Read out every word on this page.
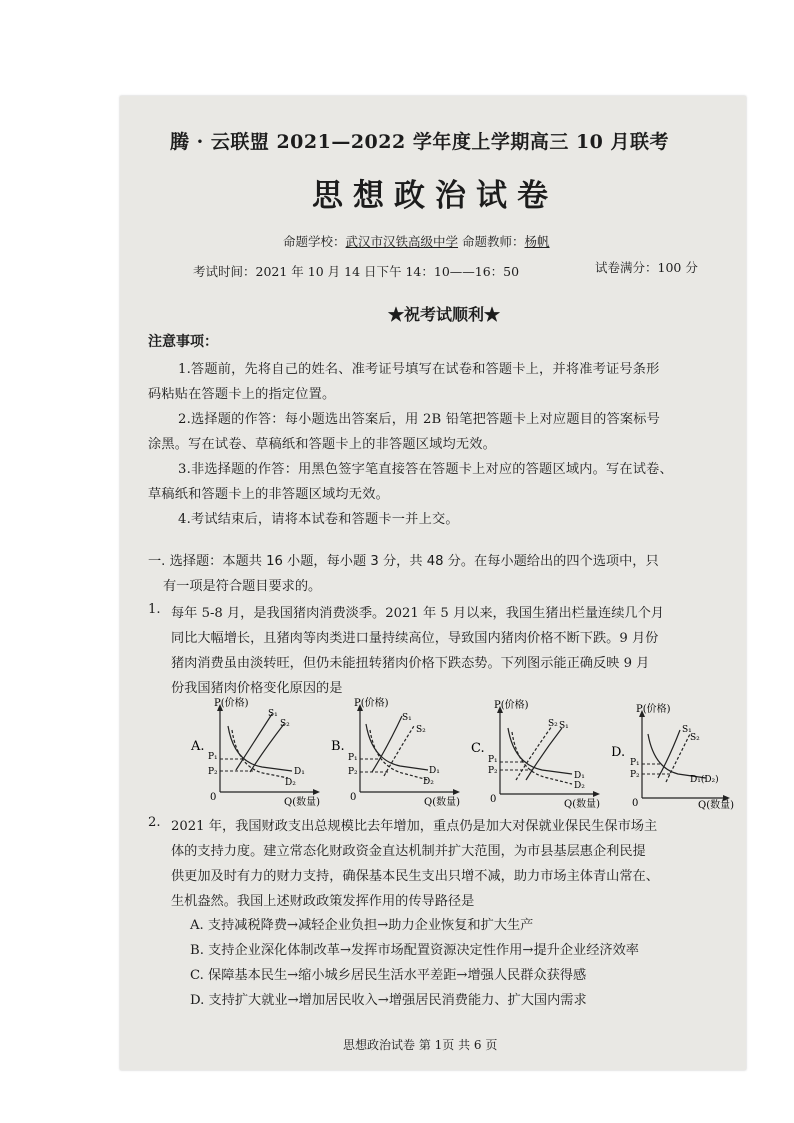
腾 · 云联盟 2021—2022 学年度上学期高三 10 月联考
思想政治试卷
命题学校：武汉市汉铁高级中学 命题教师：杨帆
考试时间：2021 年 10 月 14 日下午 14：10——16：50	试卷满分：100 分
★祝考试顺利★
注意事项：
1.答题前，先将自己的姓名、准考证号填写在试卷和答题卡上，并将准考证号条形
码粘贴在答题卡上的指定位置。
2.选择题的作答：每小题选出答案后，用 2B 铅笔把答题卡上对应题目的答案标号
涂黑。写在试卷、草稿纸和答题卡上的非答题区域均无效。
3.非选择题的作答：用黑色签字笔直接答在答题卡上对应的答题区域内。写在试卷、
草稿纸和答题卡上的非答题区域均无效。
4.考试结束后，请将本试卷和答题卡一并上交。
一. 选择题：本题共 16 小题，每小题 3 分，共 48 分。在每小题给出的四个选项中，只
有一项是符合题目要求的。
1. 每年 5-8 月，是我国猪肉消费淡季。2021 年 5 月以来，我国生猪出栏量连续几个月
同比大幅增长，且猪肉等肉类进口量持续高位，导致国内猪肉价格不断下跌。9 月份
猪肉消费虽由淡转旺，但仍未能扭转猪肉价格下跌态势。下列图示能正确反映 9 月
份我国猪肉价格变化原因的是
P(价格)
Q(数量)
0
A.
S₁
S₂
D₁
D₂
P₁
P₂
P(价格)
Q(数量)
0
B.
S₁
S₂
D₁
D₂
P₁
P₂
P(价格)
Q(数量)
0
C.
S₂ S₁
D₁
D₂
P₁
P₂
P(价格)
Q(数量)
0
D.
S₁
S₂
D₁(D₂)
P₁
P₂
2. 2021 年，我国财政支出总规模比去年增加，重点仍是加大对保就业保民生保市场主
体的支持力度。建立常态化财政资金直达机制并扩大范围，为市县基层惠企利民提
供更加及时有力的财力支持，确保基本民生支出只增不减，助力市场主体青山常在、
生机盎然。我国上述财政政策发挥作用的传导路径是
A. 支持减税降费→减轻企业负担→助力企业恢复和扩大生产
B. 支持企业深化体制改革→发挥市场配置资源决定性作用→提升企业经济效率
C. 保障基本民生→缩小城乡居民生活水平差距→增强人民群众获得感
D. 支持扩大就业→增加居民收入→增强居民消费能力、扩大国内需求
思想政治试卷 第 1页 共 6 页
